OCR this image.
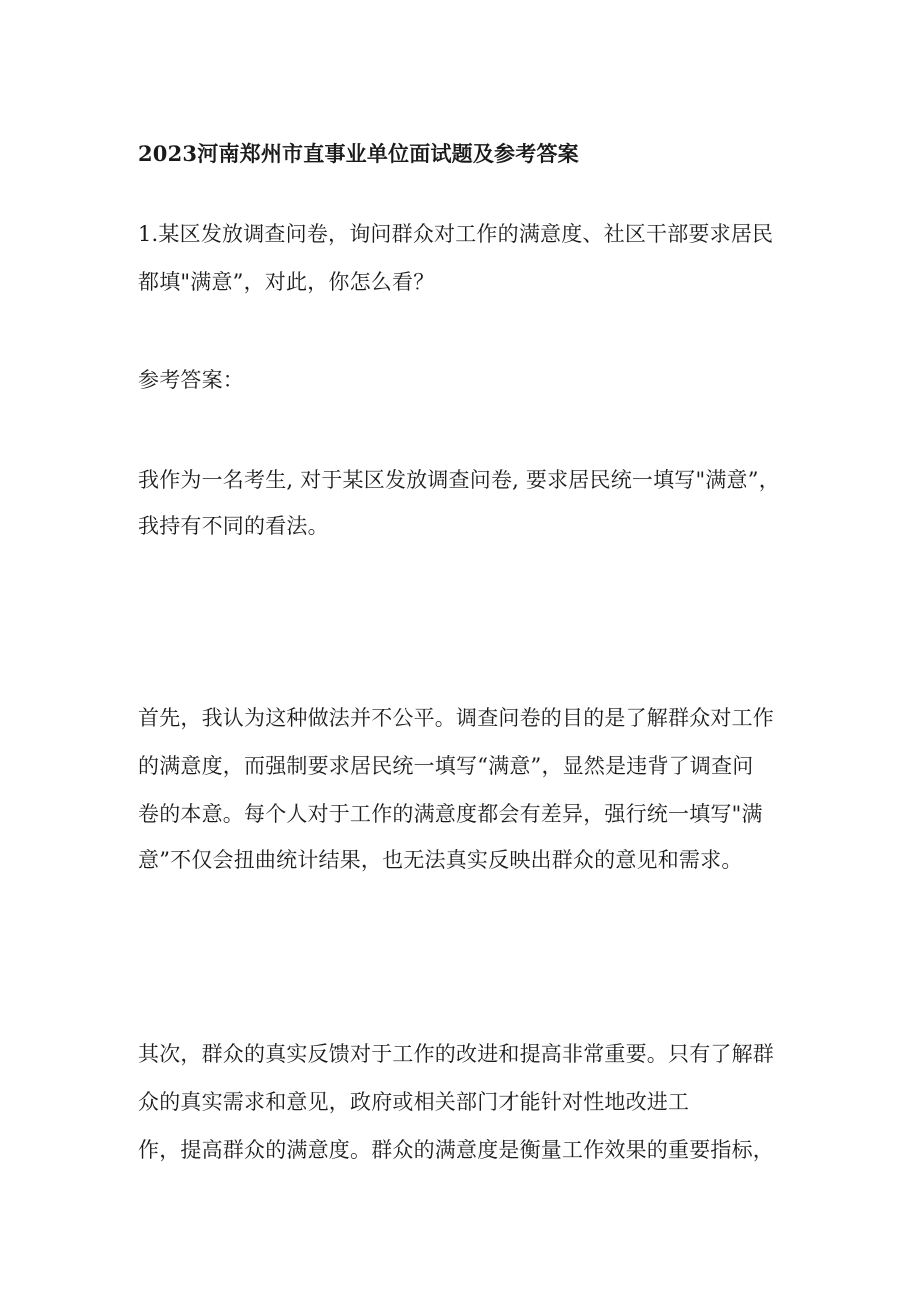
2023河南郑州市直事业单位面试题及参考答案
1.某区发放调查问卷，询问群众对工作的满意度、社区干部要求居民
都填"满意”，对此，你怎么看？
参考答案：
我作为一名考生, 对于某区发放调查问卷, 要求居民统一填写"满意”，
我持有不同的看法。
首先，我认为这种做法并不公平。调查问卷的目的是了解群众对工作
的满意度，而强制要求居民统一填写“满意”，显然是违背了调查问
卷的本意。每个人对于工作的满意度都会有差异，强行统一填写"满
意”不仅会扭曲统计结果，也无法真实反映出群众的意见和需求。
其次，群众的真实反馈对于工作的改进和提高非常重要。只有了解群
众的真实需求和意见，政府或相关部门才能针对性地改进工
作，提高群众的满意度。群众的满意度是衡量工作效果的重要指标，
